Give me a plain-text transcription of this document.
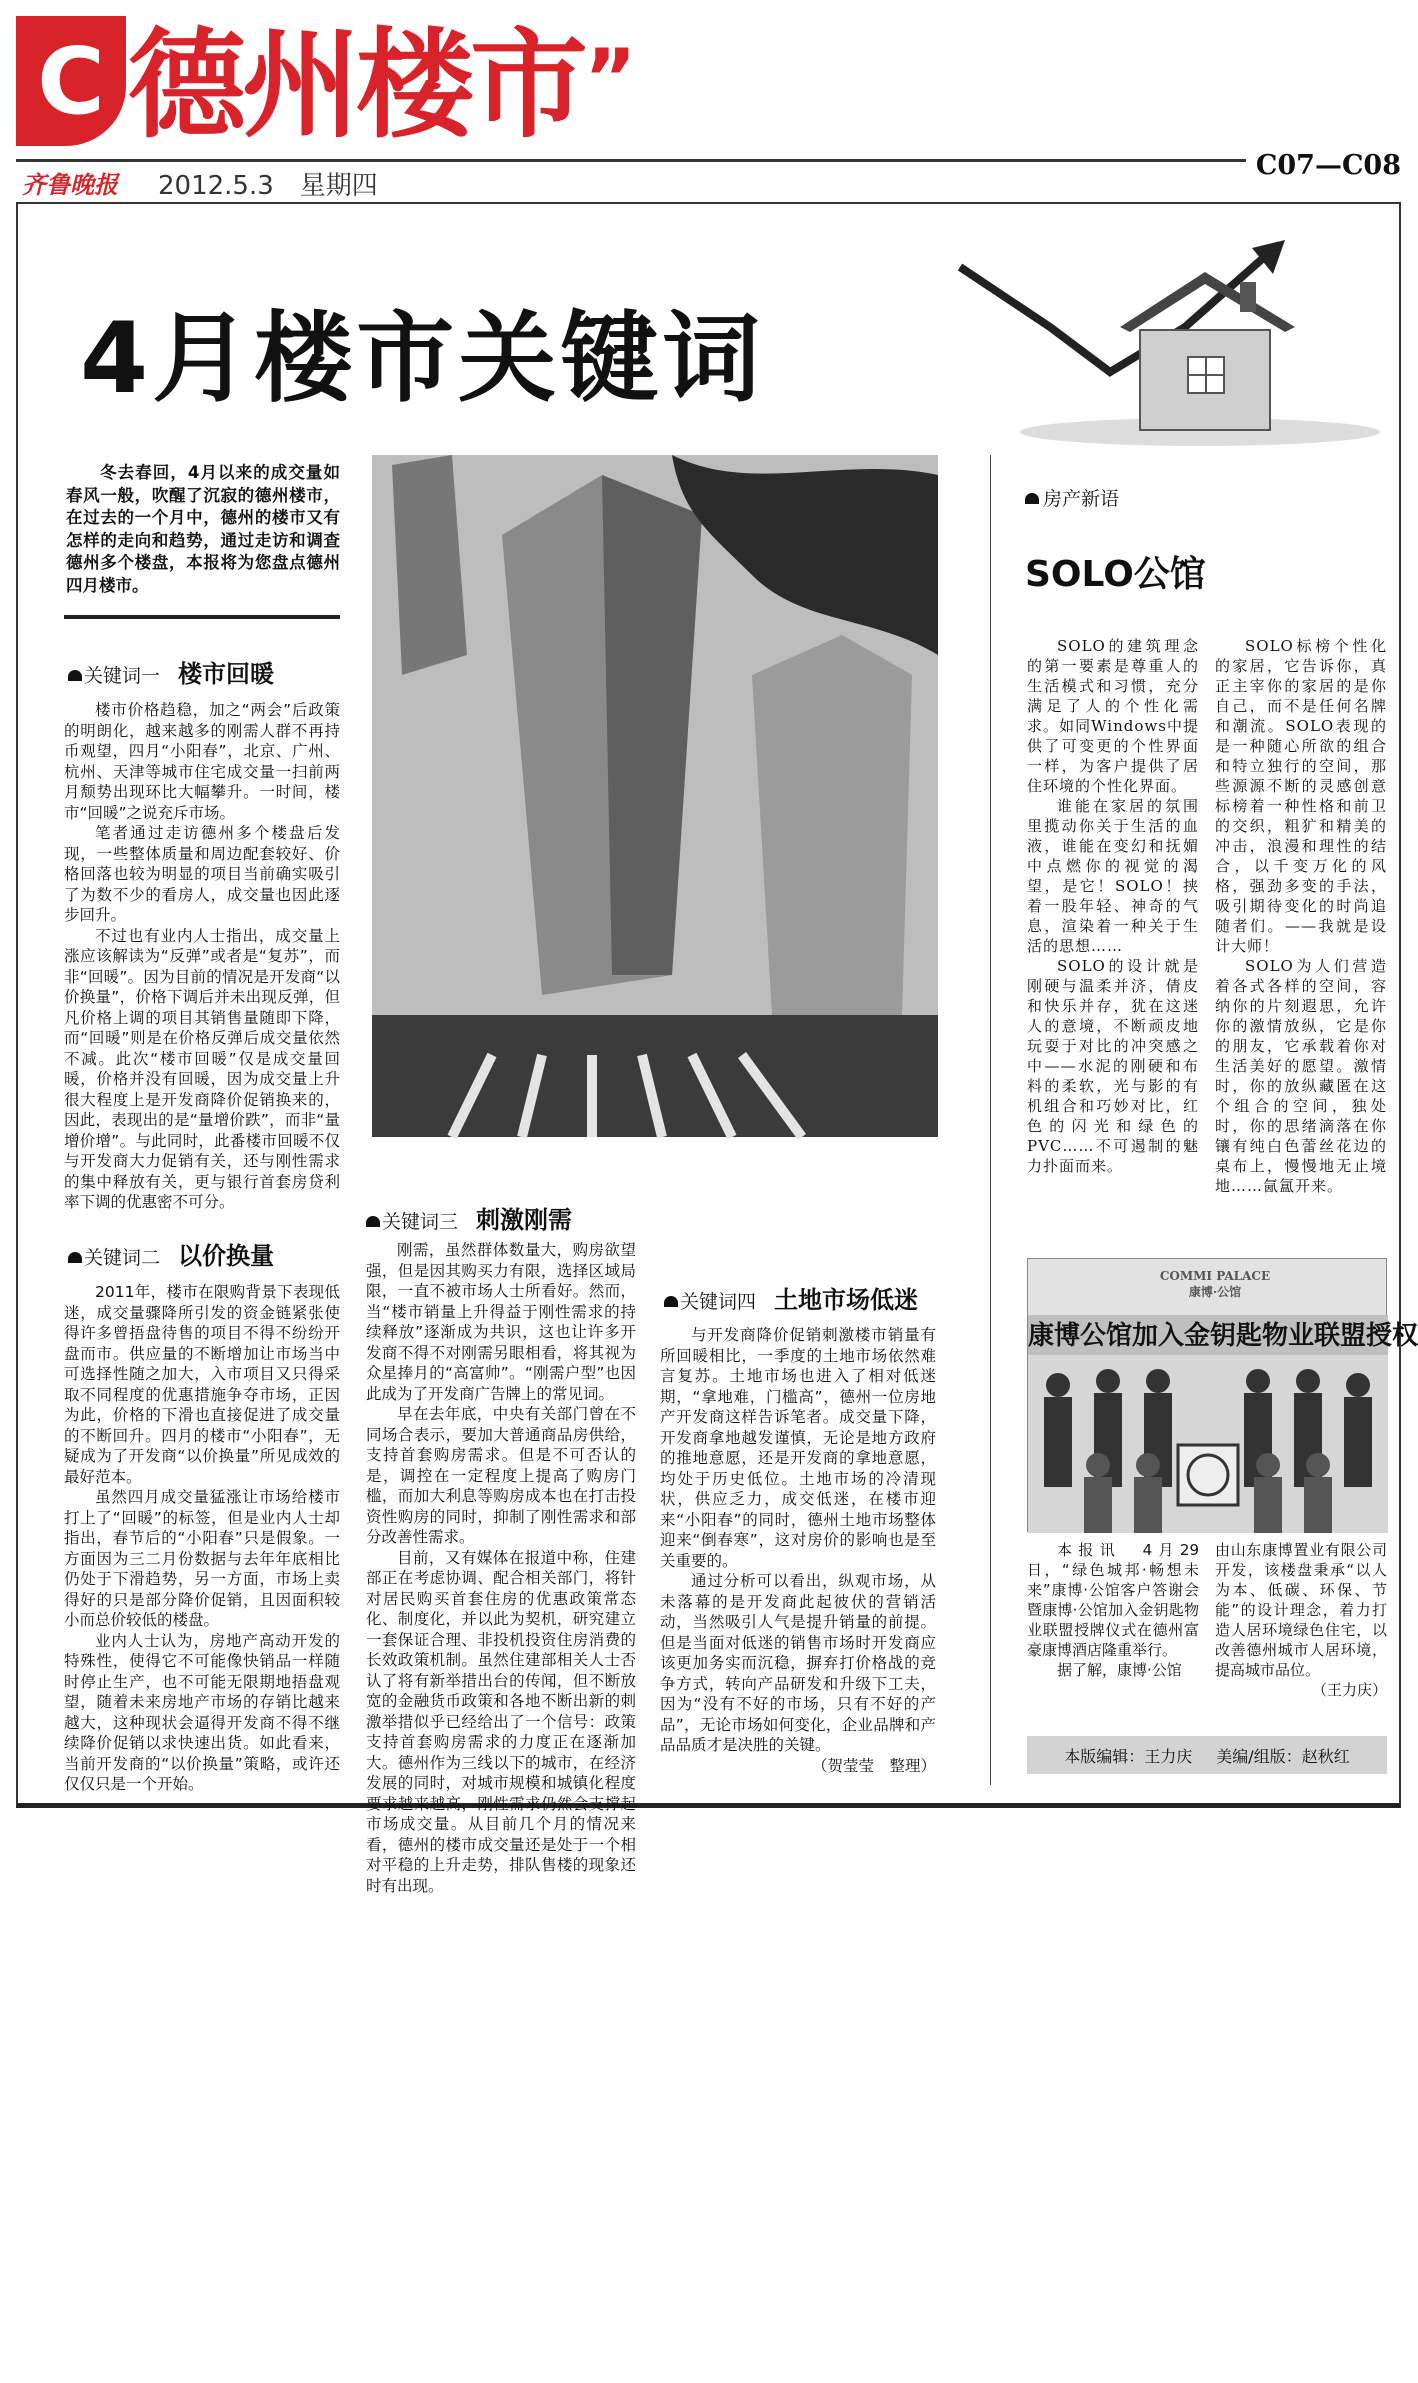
C 德州楼市”
齐鲁晚报 2012.5.3　 星期四
C07—C08
4月楼市关键词
冬去春回，4月以来的成交量如春风一般，吹醒了沉寂的德州楼市，在过去的一个月中，德州的楼市又有怎样的走向和趋势，通过走访和调查德州多个楼盘，本报将为您盘点德州四月楼市。
关键词一 楼市回暖

楼市价格趋稳，加之“两会”后政策的明朗化，越来越多的刚需人群不再持币观望，四月“小阳春”，北京、广州、杭州、天津等城市住宅成交量一扫前两月颓势出现环比大幅攀升。一时间，楼市“回暖”之说充斥市场。

笔者通过走访德州多个楼盘后发现，一些整体质量和周边配套较好、价格回落也较为明显的项目当前确实吸引了为数不少的看房人，成交量也因此逐步回升。

不过也有业内人士指出，成交量上涨应该解读为“反弹”或者是“复苏”，而非“回暖”。因为目前的情况是开发商“以价换量”，价格下调后并未出现反弹，但凡价格上调的项目其销售量随即下降，而“回暖”则是在价格反弹后成交量依然不减。此次“楼市回暖”仅是成交量回暖，价格并没有回暖，因为成交量上升很大程度上是开发商降价促销换来的，因此，表现出的是“量增价跌”，而非“量增价增”。与此同时，此番楼市回暖不仅与开发商大力促销有关，还与刚性需求的集中释放有关，更与银行首套房贷利率下调的优惠密不可分。

关键词二 以价换量

2011年，楼市在限购背景下表现低迷，成交量骤降所引发的资金链紧张使得许多曾捂盘待售的项目不得不纷纷开盘而市。供应量的不断增加让市场当中可选择性随之加大，入市项目又只得采取不同程度的优惠措施争夺市场，正因为此，价格的下滑也直接促进了成交量的不断回升。四月的楼市“小阳春”，无疑成为了开发商“以价换量”所见成效的最好范本。

虽然四月成交量猛涨让市场给楼市打上了“回暖”的标签，但是业内人士却指出，春节后的“小阳春”只是假象。一方面因为三二月份数据与去年年底相比仍处于下滑趋势，另一方面，市场上卖得好的只是部分降价促销，且因面积较小而总价较低的楼盘。

业内人士认为，房地产高动开发的特殊性，使得它不可能像快销品一样随时停止生产，也不可能无限期地捂盘观望，随着未来房地产市场的存销比越来越大，这种现状会逼得开发商不得不继续降价促销以求快速出货。如此看来，当前开发商的“以价换量”策略，或许还仅仅只是一个开始。

关键词三 刺激刚需

刚需，虽然群体数量大，购房欲望强，但是因其购买力有限，选择区域局限，一直不被市场人士所看好。然而，当“楼市销量上升得益于刚性需求的持续释放”逐渐成为共识，这也让许多开发商不得不对刚需另眼相看，将其视为众星捧月的“高富帅”。“刚需户型”也因此成为了开发商广告牌上的常见词。

早在去年底，中央有关部门曾在不同场合表示，要加大普通商品房供给，支持首套购房需求。但是不可否认的是，调控在一定程度上提高了购房门槛，而加大利息等购房成本也在打击投资性购房的同时，抑制了刚性需求和部分改善性需求。

目前，又有媒体在报道中称，住建部正在考虑协调、配合相关部门，将针对居民购买首套住房的优惠政策常态化、制度化，并以此为契机，研究建立一套保证合理、非投机投资住房消费的长效政策机制。虽然住建部相关人士否认了将有新举措出台的传闻，但不断放宽的金融货币政策和各地不断出新的刺激举措似乎已经给出了一个信号：政策支持首套购房需求的力度正在逐渐加大。德州作为三线以下的城市，在经济发展的同时，对城市规模和城镇化程度要求越来越高，刚性需求仍然会支撑起市场成交量。从目前几个月的情况来看，德州的楼市成交量还是处于一个相对平稳的上升走势，排队售楼的现象还时有出现。

关键词四 土地市场低迷

与开发商降价促销刺激楼市销量有所回暖相比，一季度的土地市场依然难言复苏。土地市场也进入了相对低迷期，“拿地难，门槛高”，德州一位房地产开发商这样告诉笔者。成交量下降，开发商拿地越发谨慎，无论是地方政府的推地意愿，还是开发商的拿地意愿，均处于历史低位。土地市场的冷清现状，供应乏力，成交低迷，在楼市迎来“小阳春”的同时，德州土地市场整体迎来“倒春寒”，这对房价的影响也是至关重要的。

通过分析可以看出，纵观市场，从未落幕的是开发商此起彼伏的营销活动，当然吸引人气是提升销量的前提。但是当面对低迷的销售市场时开发商应该更加务实而沉稳，摒弃打价格战的竞争方式，转向产品研发和升级下工夫，因为“没有不好的市场，只有不好的产品”，无论市场如何变化，企业品牌和产品品质才是决胜的关键。

（贺莹莹　整理）
房产新语
SOLO公馆

SOLO的建筑理念的第一要素是尊重人的生活模式和习惯，充分满足了人的个性化需求。如同Windows中提供了可变更的个性界面一样，为客户提供了居住环境的个性化界面。

谁能在家居的氛围里揽动你关于生活的血液，谁能在变幻和抚媚中点燃你的视觉的渴望，是它！SOLO！挟着一股年轻、神奇的气息，渲染着一种关于生活的思想……

SOLO的设计就是刚硬与温柔并济，倩皮和快乐并存，犹在这迷人的意境，不断顽皮地玩耍于对比的冲突感之中——水泥的刚硬和布料的柔软，光与影的有机组合和巧妙对比，红色的闪光和绿色的PVC……不可遏制的魅力扑面而来。

SOLO标榜个性化的家居，它告诉你，真正主宰你的家居的是你自己，而不是任何名牌和潮流。SOLO表现的是一种随心所欲的组合和特立独行的空间，那些源源不断的灵感创意标榜着一种性格和前卫的交织，粗犷和精美的冲击，浪漫和理性的结合，以千变万化的风格，强劲多变的手法，吸引期待变化的时尚追随者们。——我就是设计大师！

SOLO为人们营造着各式各样的空间，容纳你的片刻遐思，允许你的激情放纵，它是你的朋友，它承载着你对生活美好的愿望。激情时，你的放纵藏匿在这个组合的空间，独处时，你的思绪滴落在你镶有纯白色蕾丝花边的桌布上，慢慢地无止境地……氤氲开来。

COMMI PALACE
康博·公馆
康博公馆加入金钥匙物业联盟授权
本报讯　4月29日，“绿色城邦·畅想未来”康博·公馆客户答谢会暨康博·公馆加入金钥匙物业联盟授牌仪式在德州富豪康博酒店隆重举行。
　　据了解，康博·公馆
由山东康博置业有限公司开发，该楼盘秉承“以人为本、低碳、环保、节能”的设计理念，着力打造人居环境绿色住宅，以改善德州城市人居环境，提高城市品位。
（王力庆）
本版编辑：王力庆 美编/组版：赵秋红
